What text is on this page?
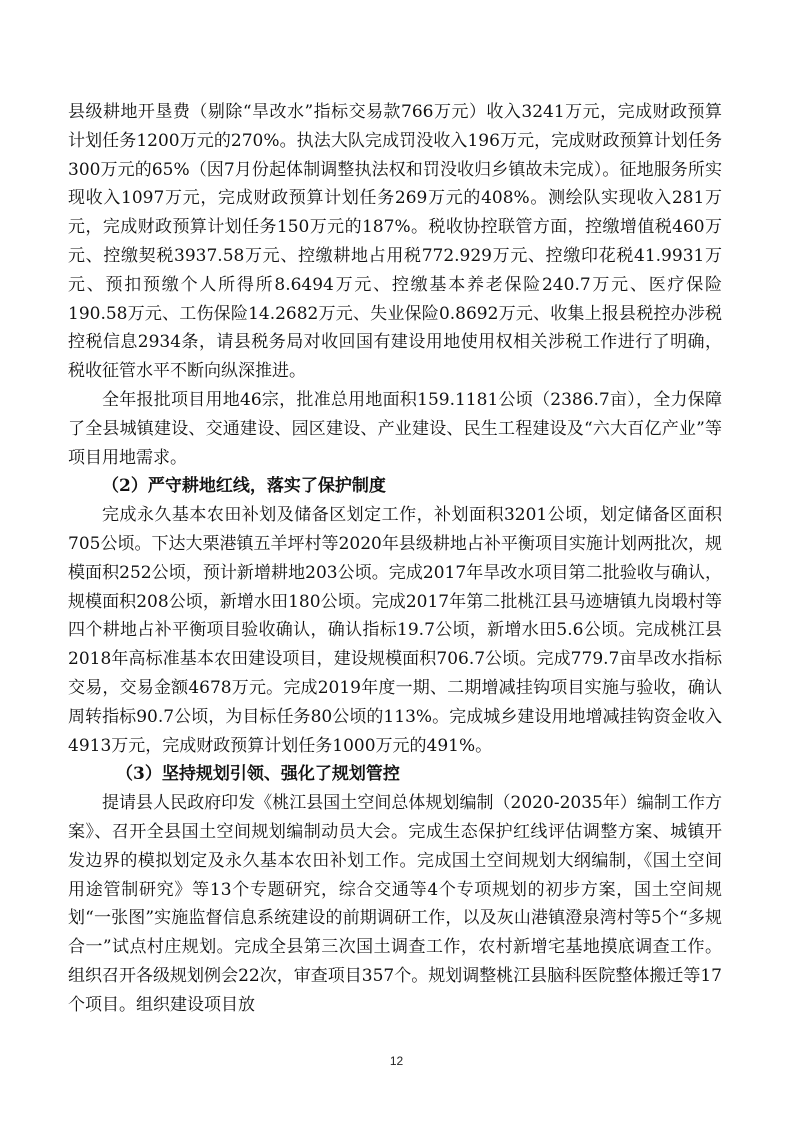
县级耕地开垦费（剔除“旱改水”指标交易款766万元）收入3241万元，完成财政预算计划任务1200万元的270%。执法大队完成罚没收入196万元，完成财政预算计划任务300万元的65%（因7月份起体制调整执法权和罚没收归乡镇故未完成）。征地服务所实现收入1097万元，完成财政预算计划任务269万元的408%。测绘队实现收入281万元，完成财政预算计划任务150万元的187%。税收协控联管方面，控缴增值税460万元、控缴契税3937.58万元、控缴耕地占用税772.929万元、控缴印花税41.9931万元、预扣预缴个人所得所8.6494万元、控缴基本养老保险240.7万元、医疗保险190.58万元、工伤保险14.2682万元、失业保险0.8692万元、收集上报县税控办涉税控税信息2934条，请县税务局对收回国有建设用地使用权相关涉税工作进行了明确，税收征管水平不断向纵深推进。

全年报批项目用地46宗，批准总用地面积159.1181公顷（2386.7亩），全力保障了全县城镇建设、交通建设、园区建设、产业建设、民生工程建设及“六大百亿产业”等项目用地需求。

（2）严守耕地红线，落实了保护制度

完成永久基本农田补划及储备区划定工作，补划面积3201公顷，划定储备区面积705公顷。下达大栗港镇五羊坪村等2020年县级耕地占补平衡项目实施计划两批次，规模面积252公顷，预计新增耕地203公顷。完成2017年旱改水项目第二批验收与确认，规模面积208公顷，新增水田180公顷。完成2017年第二批桃江县马迹塘镇九岗塅村等四个耕地占补平衡项目验收确认，确认指标19.7公顷，新增水田5.6公顷。完成桃江县2018年高标准基本农田建设项目，建设规模面积706.7公顷。完成779.7亩旱改水指标交易，交易金额4678万元。完成2019年度一期、二期增减挂钩项目实施与验收，确认周转指标90.7公顷，为目标任务80公顷的113%。完成城乡建设用地增减挂钩资金收入4913万元，完成财政预算计划任务1000万元的491%。

（3）坚持规划引领、强化了规划管控

提请县人民政府印发《桃江县国土空间总体规划编制（2020-2035年）编制工作方案》、召开全县国土空间规划编制动员大会。完成生态保护红线评估调整方案、城镇开发边界的模拟划定及永久基本农田补划工作。完成国土空间规划大纲编制，《国土空间用途管制研究》等13个专题研究，综合交通等4个专项规划的初步方案，国土空间规划“一张图”实施监督信息系统建设的前期调研工作，以及灰山港镇澄泉湾村等5个“多规合一”试点村庄规划。完成全县第三次国土调查工作，农村新增宅基地摸底调查工作。组织召开各级规划例会22次，审查项目357个。规划调整桃江县脑科医院整体搬迁等17个项目。组织建设项目放

12
